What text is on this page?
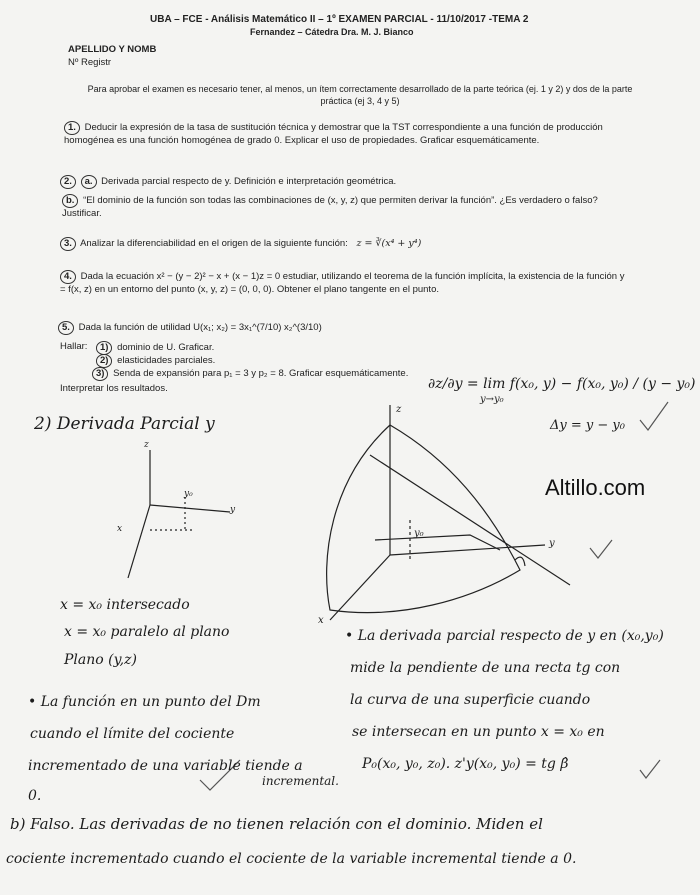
UBA – FCE - Análisis Matemático II – 1º EXAMEN PARCIAL - 11/10/2017 -TEMA 2
Fernandez – Cátedra Dra. M. J. Bianco
APELLIDO Y NOMB
Nº Registr
Para aprobar el examen es necesario tener, al menos, un ítem correctamente desarrollado de la parte teórica (ej. 1 y 2) y dos de la parte práctica (ej 3, 4 y 5)
1. Deducir la expresión de la tasa de sustitución técnica y demostrar que la TST correspondiente a una función de producción homogénea es una función homogénea de grado 0. Explicar el uso de propiedades. Graficar esquemáticamente.
2. a. Derivada parcial respecto de y. Definición e interpretación geométrica.
b. “El dominio de la función son todas las combinaciones de (x, y, z) que permiten derivar la función”. ¿Es verdadero o falso? Justificar.
3. Analizar la diferenciabilidad en el origen de la siguiente función: z = ∛(x⁴ + y⁴)
4. Dada la ecuación x² − (y − 2)² − x + (x − 1)z = 0 estudiar, utilizando el teorema de la función implícita, la existencia de la función y = f(x, z) en un entorno del punto (x, y, z) = (0, 0, 0). Obtener el plano tangente en el punto.
5. Dada la función de utilidad U(x₁; x₂) = 3x₁^(7/10) x₂^(3/10)
Hallar:	1) dominio de U. Graficar.
2) elasticidades parciales.
3) Senda de expansión para p₁ = 3 y p₂ = 8. Graficar esquemáticamente.
Interpretar los resultados.	∂z/∂y = lim f(x₀, y) − f(x₀, y₀) / (y − y₀)
y→y₀
Δy = y − y₀
2) Derivada Parcial y
z
y
x
y₀
z
y
x
y₀	Altillo.com
x = x₀ intersecado
x = x₀ paralelo al plano
Plano (y,z)
• La derivada parcial respecto de y en (x₀,y₀)
mide la pendiente de una recta tg con
la curva de una superficie cuando
se intersecan en un punto x = x₀ en
P₀(x₀, y₀, z₀). z'y(x₀, y₀) = tg β̂
• La función en un punto del Dm
cuando el límite del cociente
incrementado de una variable tiende a
0.
incremental.
b) Falso. Las derivadas de no tienen relación con el dominio. Miden el
cociente incrementado cuando el cociente de la variable incremental tiende a 0.
